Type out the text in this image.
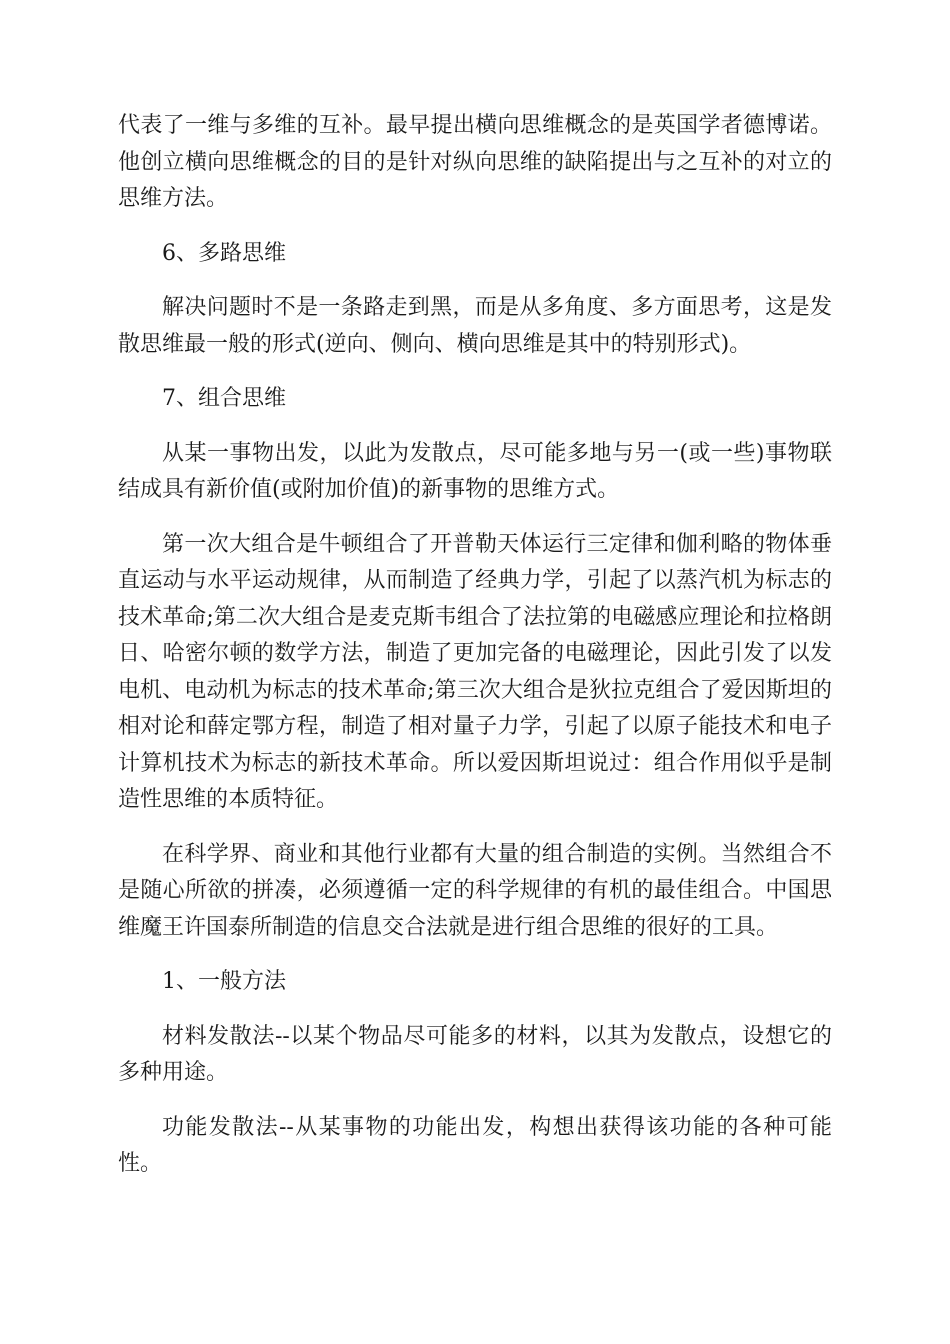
代表了一维与多维的互补。最早提出横向思维概念的是英国学者德博诺。他创立横向思维概念的目的是针对纵向思维的缺陷提出与之互补的对立的思维方法。

6、多路思维

解决问题时不是一条路走到黑，而是从多角度、多方面思考，这是发散思维最一般的形式(逆向、侧向、横向思维是其中的特别形式)。

7、组合思维

从某一事物出发，以此为发散点，尽可能多地与另一(或一些)事物联结成具有新价值(或附加价值)的新事物的思维方式。

第一次大组合是牛顿组合了开普勒天体运行三定律和伽利略的物体垂直运动与水平运动规律，从而制造了经典力学，引起了以蒸汽机为标志的技术革命;第二次大组合是麦克斯韦组合了法拉第的电磁感应理论和拉格朗日、哈密尔顿的数学方法，制造了更加完备的电磁理论，因此引发了以发电机、电动机为标志的技术革命;第三次大组合是狄拉克组合了爱因斯坦的相对论和薛定鄂方程，制造了相对量子力学，引起了以原子能技术和电子计算机技术为标志的新技术革命。所以爱因斯坦说过：组合作用似乎是制造性思维的本质特征。

在科学界、商业和其他行业都有大量的组合制造的实例。当然组合不是随心所欲的拼凑，必须遵循一定的科学规律的有机的最佳组合。中国思维魔王许国泰所制造的信息交合法就是进行组合思维的很好的工具。

1、一般方法

材料发散法--以某个物品尽可能多的材料，以其为发散点，设想它的多种用途。

功能发散法--从某事物的功能出发，构想出获得该功能的各种可能性。
